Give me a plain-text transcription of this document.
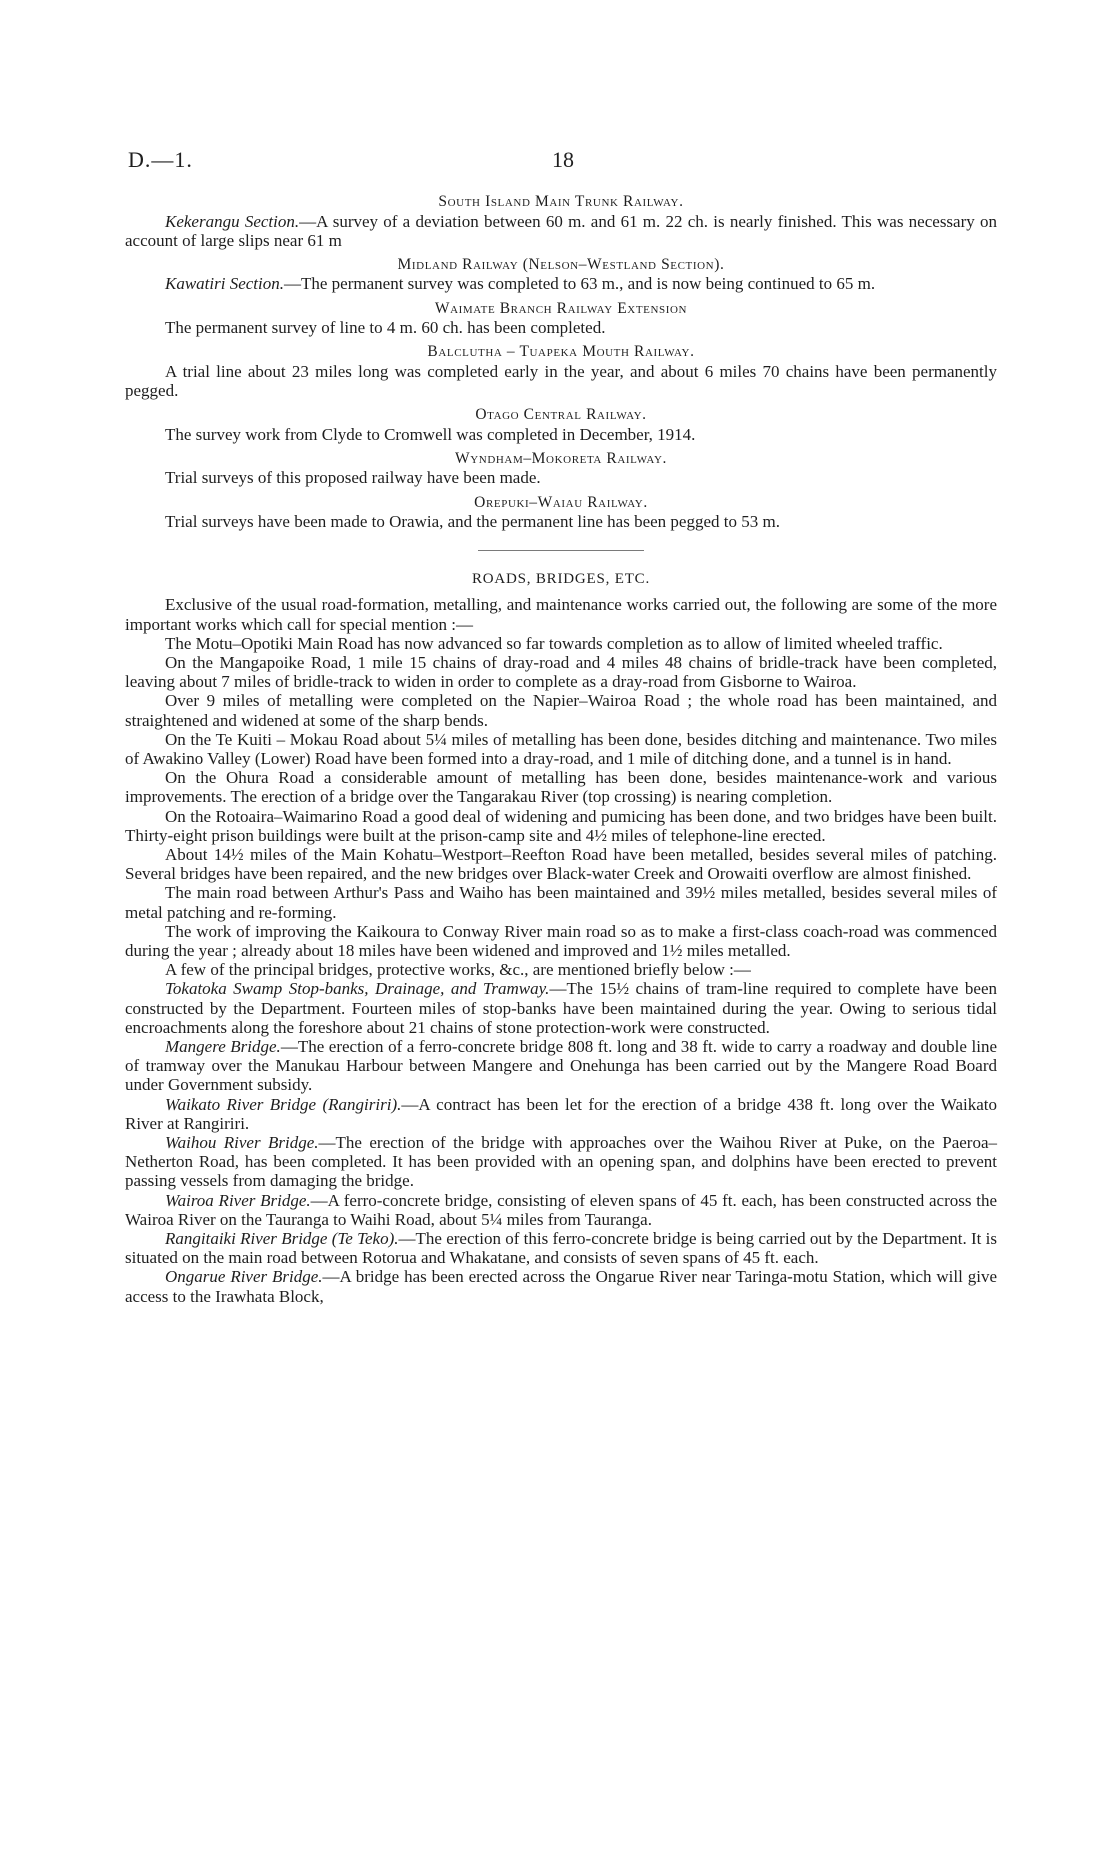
D.—1.	18
South Island Main Trunk Railway.

Kekerangu Section.—A survey of a deviation between 60 m. and 61 m. 22 ch. is nearly finished. This was necessary on account of large slips near 61 m

Midland Railway (Nelson–Westland Section).

Kawatiri Section.—The permanent survey was completed to 63 m., and is now being continued to 65 m.

Waimate Branch Railway Extension

The permanent survey of line to 4 m. 60 ch. has been completed.

Balclutha – Tuapeka Mouth Railway.

A trial line about 23 miles long was completed early in the year, and about 6 miles 70 chains have been permanently pegged.

Otago Central Railway.

The survey work from Clyde to Cromwell was completed in December, 1914.

Wyndham–Mokoreta Railway.

Trial surveys of this proposed railway have been made.

Orepuki–Waiau Railway.

Trial surveys have been made to Orawia, and the permanent line has been pegged to 53 m.

ROADS, BRIDGES, ETC.

Exclusive of the usual road-formation, metalling, and maintenance works carried out, the following are some of the more important works which call for special mention :—

The Motu–Opotiki Main Road has now advanced so far towards completion as to allow of limited wheeled traffic.

On the Mangapoike Road, 1 mile 15 chains of dray-road and 4 miles 48 chains of bridle-track have been completed, leaving about 7 miles of bridle-track to widen in order to complete as a dray-road from Gisborne to Wairoa.

Over 9 miles of metalling were completed on the Napier–Wairoa Road ; the whole road has been maintained, and straightened and widened at some of the sharp bends.

On the Te Kuiti – Mokau Road about 5¼ miles of metalling has been done, besides ditching and maintenance. Two miles of Awakino Valley (Lower) Road have been formed into a dray-road, and 1 mile of ditching done, and a tunnel is in hand.

On the Ohura Road a considerable amount of metalling has been done, besides maintenance-work and various improvements. The erection of a bridge over the Tangarakau River (top crossing) is nearing completion.

On the Rotoaira–Waimarino Road a good deal of widening and pumicing has been done, and two bridges have been built. Thirty-eight prison buildings were built at the prison-camp site and 4½ miles of telephone-line erected.

About 14½ miles of the Main Kohatu–Westport–Reefton Road have been metalled, besides several miles of patching. Several bridges have been repaired, and the new bridges over Black-water Creek and Orowaiti overflow are almost finished.

The main road between Arthur's Pass and Waiho has been maintained and 39½ miles metalled, besides several miles of metal patching and re-forming.

The work of improving the Kaikoura to Conway River main road so as to make a first-class coach-road was commenced during the year ; already about 18 miles have been widened and improved and 1½ miles metalled.

A few of the principal bridges, protective works, &c., are mentioned briefly below :—

Tokatoka Swamp Stop-banks, Drainage, and Tramway.—The 15½ chains of tram-line required to complete have been constructed by the Department. Fourteen miles of stop-banks have been maintained during the year. Owing to serious tidal encroachments along the foreshore about 21 chains of stone protection-work were constructed.

Mangere Bridge.—The erection of a ferro-concrete bridge 808 ft. long and 38 ft. wide to carry a roadway and double line of tramway over the Manukau Harbour between Mangere and Onehunga has been carried out by the Mangere Road Board under Government subsidy.

Waikato River Bridge (Rangiriri).—A contract has been let for the erection of a bridge 438 ft. long over the Waikato River at Rangiriri.

Waihou River Bridge.—The erection of the bridge with approaches over the Waihou River at Puke, on the Paeroa–Netherton Road, has been completed. It has been provided with an opening span, and dolphins have been erected to prevent passing vessels from damaging the bridge.

Wairoa River Bridge.—A ferro-concrete bridge, consisting of eleven spans of 45 ft. each, has been constructed across the Wairoa River on the Tauranga to Waihi Road, about 5¼ miles from Tauranga.

Rangitaiki River Bridge (Te Teko).—The erection of this ferro-concrete bridge is being carried out by the Department. It is situated on the main road between Rotorua and Whakatane, and consists of seven spans of 45 ft. each.

Ongarue River Bridge.—A bridge has been erected across the Ongarue River near Taringa-motu Station, which will give access to the Irawhata Block,
